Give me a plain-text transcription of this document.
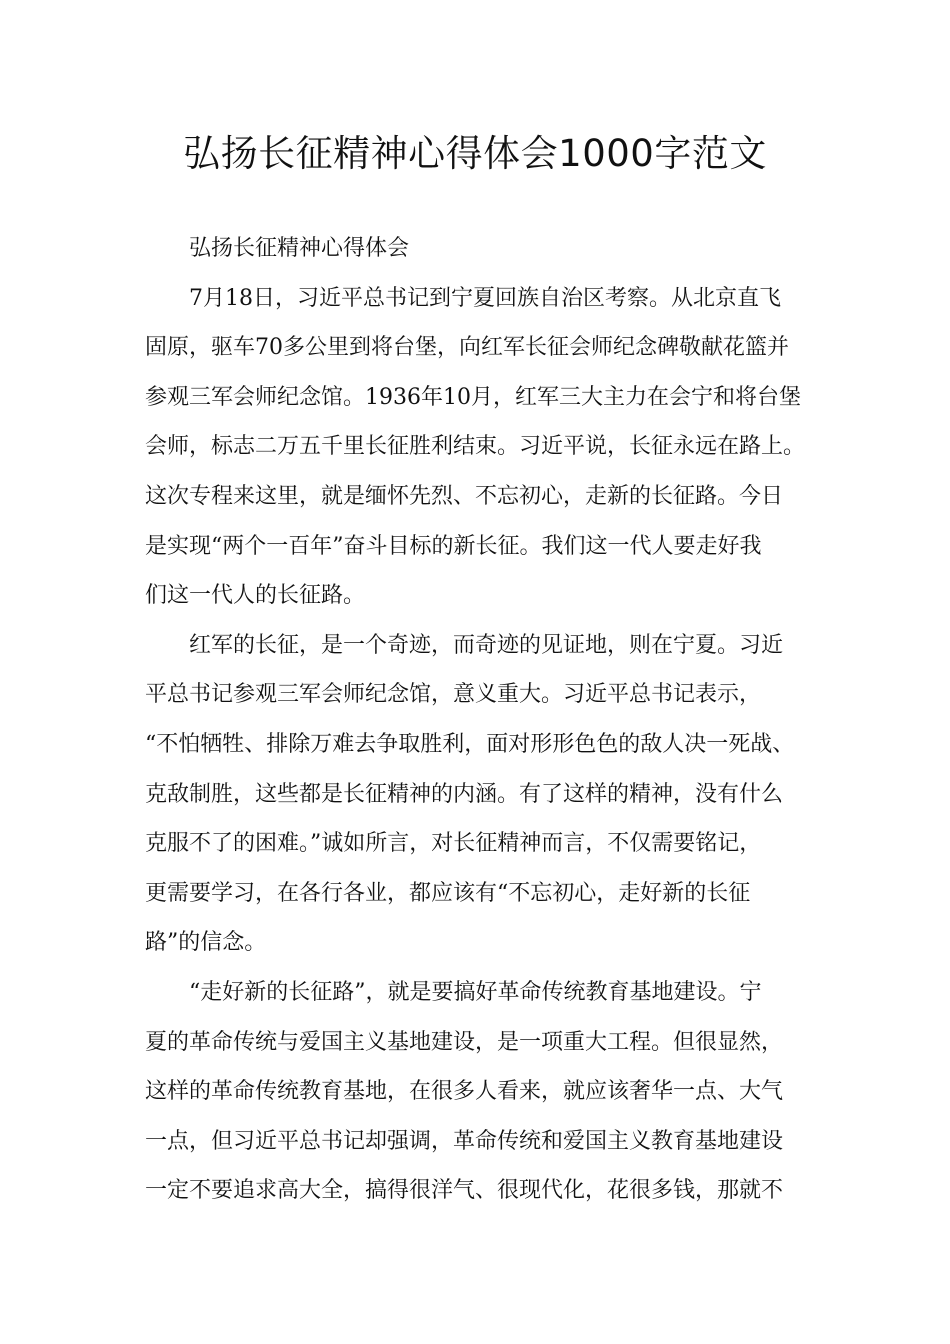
弘扬长征精神心得体会1000字范文
弘扬长征精神心得体会
7月18日，习近平总书记到宁夏回族自治区考察。从北京直飞
固原，驱车70多公里到将台堡，向红军长征会师纪念碑敬献花篮并
参观三军会师纪念馆。1936年10月，红军三大主力在会宁和将台堡
会师，标志二万五千里长征胜利结束。习近平说，长征永远在路上。
这次专程来这里，就是缅怀先烈、不忘初心，走新的长征路。今日
是实现“两个一百年”奋斗目标的新长征。我们这一代人要走好我
们这一代人的长征路。
红军的长征，是一个奇迹，而奇迹的见证地，则在宁夏。习近
平总书记参观三军会师纪念馆，意义重大。习近平总书记表示，
“不怕牺牲、排除万难去争取胜利，面对形形色色的敌人决一死战、
克敌制胜，这些都是长征精神的内涵。有了这样的精神，没有什么
克服不了的困难。”诚如所言，对长征精神而言，不仅需要铭记，
更需要学习，在各行各业，都应该有“不忘初心，走好新的长征
路”的信念。
“走好新的长征路”，就是要搞好革命传统教育基地建设。宁
夏的革命传统与爱国主义基地建设，是一项重大工程。但很显然，
这样的革命传统教育基地，在很多人看来，就应该奢华一点、大气
一点，但习近平总书记却强调，革命传统和爱国主义教育基地建设
一定不要追求高大全，搞得很洋气、很现代化，花很多钱，那就不
